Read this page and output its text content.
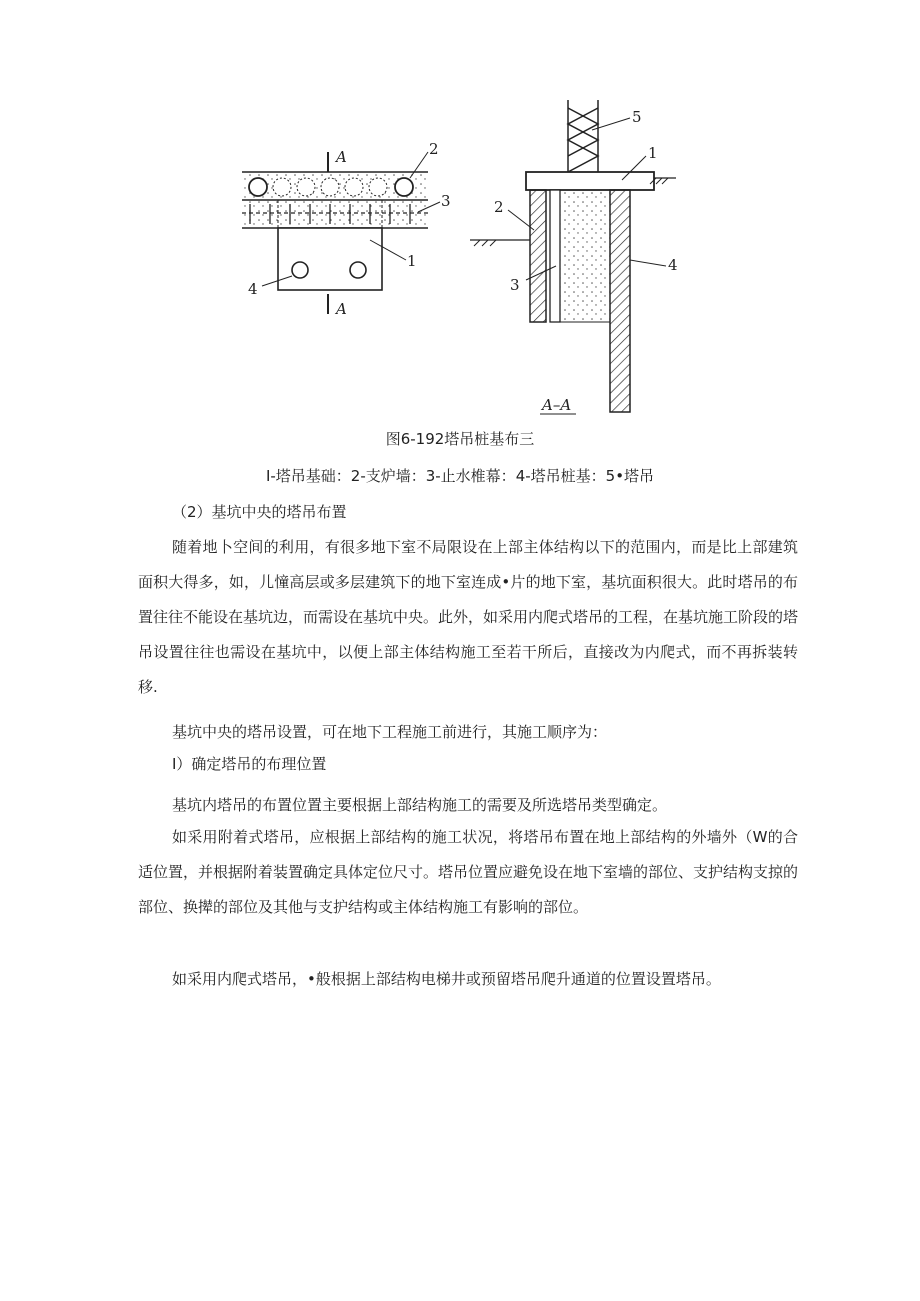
A
A
2
3
1
4
A–A
5
1
2
4
3
图6-192塔吊桩基布三
I-塔吊基础：2-支炉墙：3-止水椎幕：4-塔吊桩基：5•塔吊
（2）基坑中央的塔吊布置
随着地卜空间的利用，有很多地下室不局限设在上部主体结构以下的范围内，而是比上部建筑面积大得多，如，儿憧高层或多层建筑下的地下室连成•片的地下室，基坑面积很大。此时塔吊的布置往往不能设在基坑边，而需设在基坑中央。此外，如采用内爬式塔吊的工程，在基坑施工阶段的塔吊设置往往也需设在基坑中，以便上部主体结构施工至若干所后，直接改为内爬式，而不再拆装转移.
基坑中央的塔吊设置，可在地下工程施工前进行，其施工顺序为：
I）确定塔吊的布理位置
基坑内塔吊的布置位置主要根据上部结构施工的需要及所选塔吊类型确定。
如采用附着式塔吊，应根据上部结构的施工状况，将塔吊布置在地上部结构的外墙外（W的合适位置，并根据附着装置确定具体定位尺寸。塔吊位置应避免设在地下室墙的部位、支护结构支掠的部位、换撵的部位及其他与支护结构或主体结构施工有影响的部位。
如采用内爬式塔吊，•般根据上部结构电梯井或预留塔吊爬升通道的位置设置塔吊。
